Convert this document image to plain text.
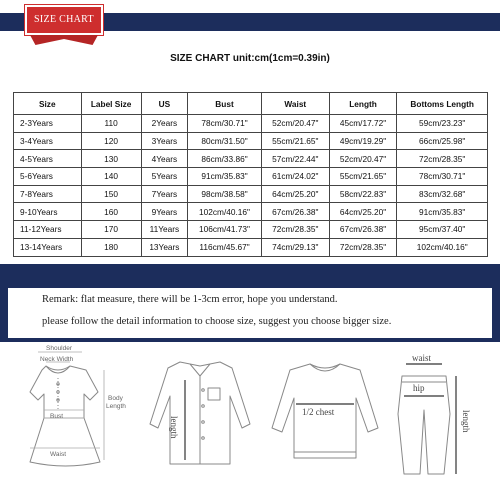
SIZE CHART
SIZE CHART unit:cm(1cm=0.39in)
Size	Label Size	US	Bust	Waist	Length	Bottoms Length
2-3Years	110	2Years	78cm/30.71"	52cm/20.47"	45cm/17.72"	59cm/23.23"
3-4Years	120	3Years	80cm/31.50"	55cm/21.65"	49cm/19.29"	66cm/25.98"
4-5Years	130	4Years	86cm/33.86"	57cm/22.44"	52cm/20.47"	72cm/28.35"
5-6Years	140	5Years	91cm/35.83"	61cm/24.02"	55cm/21.65"	78cm/30.71"
7-8Years	150	7Years	98cm/38.58"	64cm/25.20"	58cm/22.83"	83cm/32.68"
9-10Years	160	9Years	102cm/40.16"	67cm/26.38"	64cm/25.20"	91cm/35.83"
11-12Years	170	11Years	106cm/41.73"	72cm/28.35"	67cm/26.38"	95cm/37.40"
13-14Years	180	13Years	116cm/45.67"	74cm/29.13"	72cm/28.35"	102cm/40.16"
Remark: flat measure, there will be 1-3cm error, hope you understand.
please follow the detail information to choose size, suggest you choose bigger size.
Shoulder
Neck Width
Body
Length
Bust
Waist
length
1/2 chest
waist
hip
length
